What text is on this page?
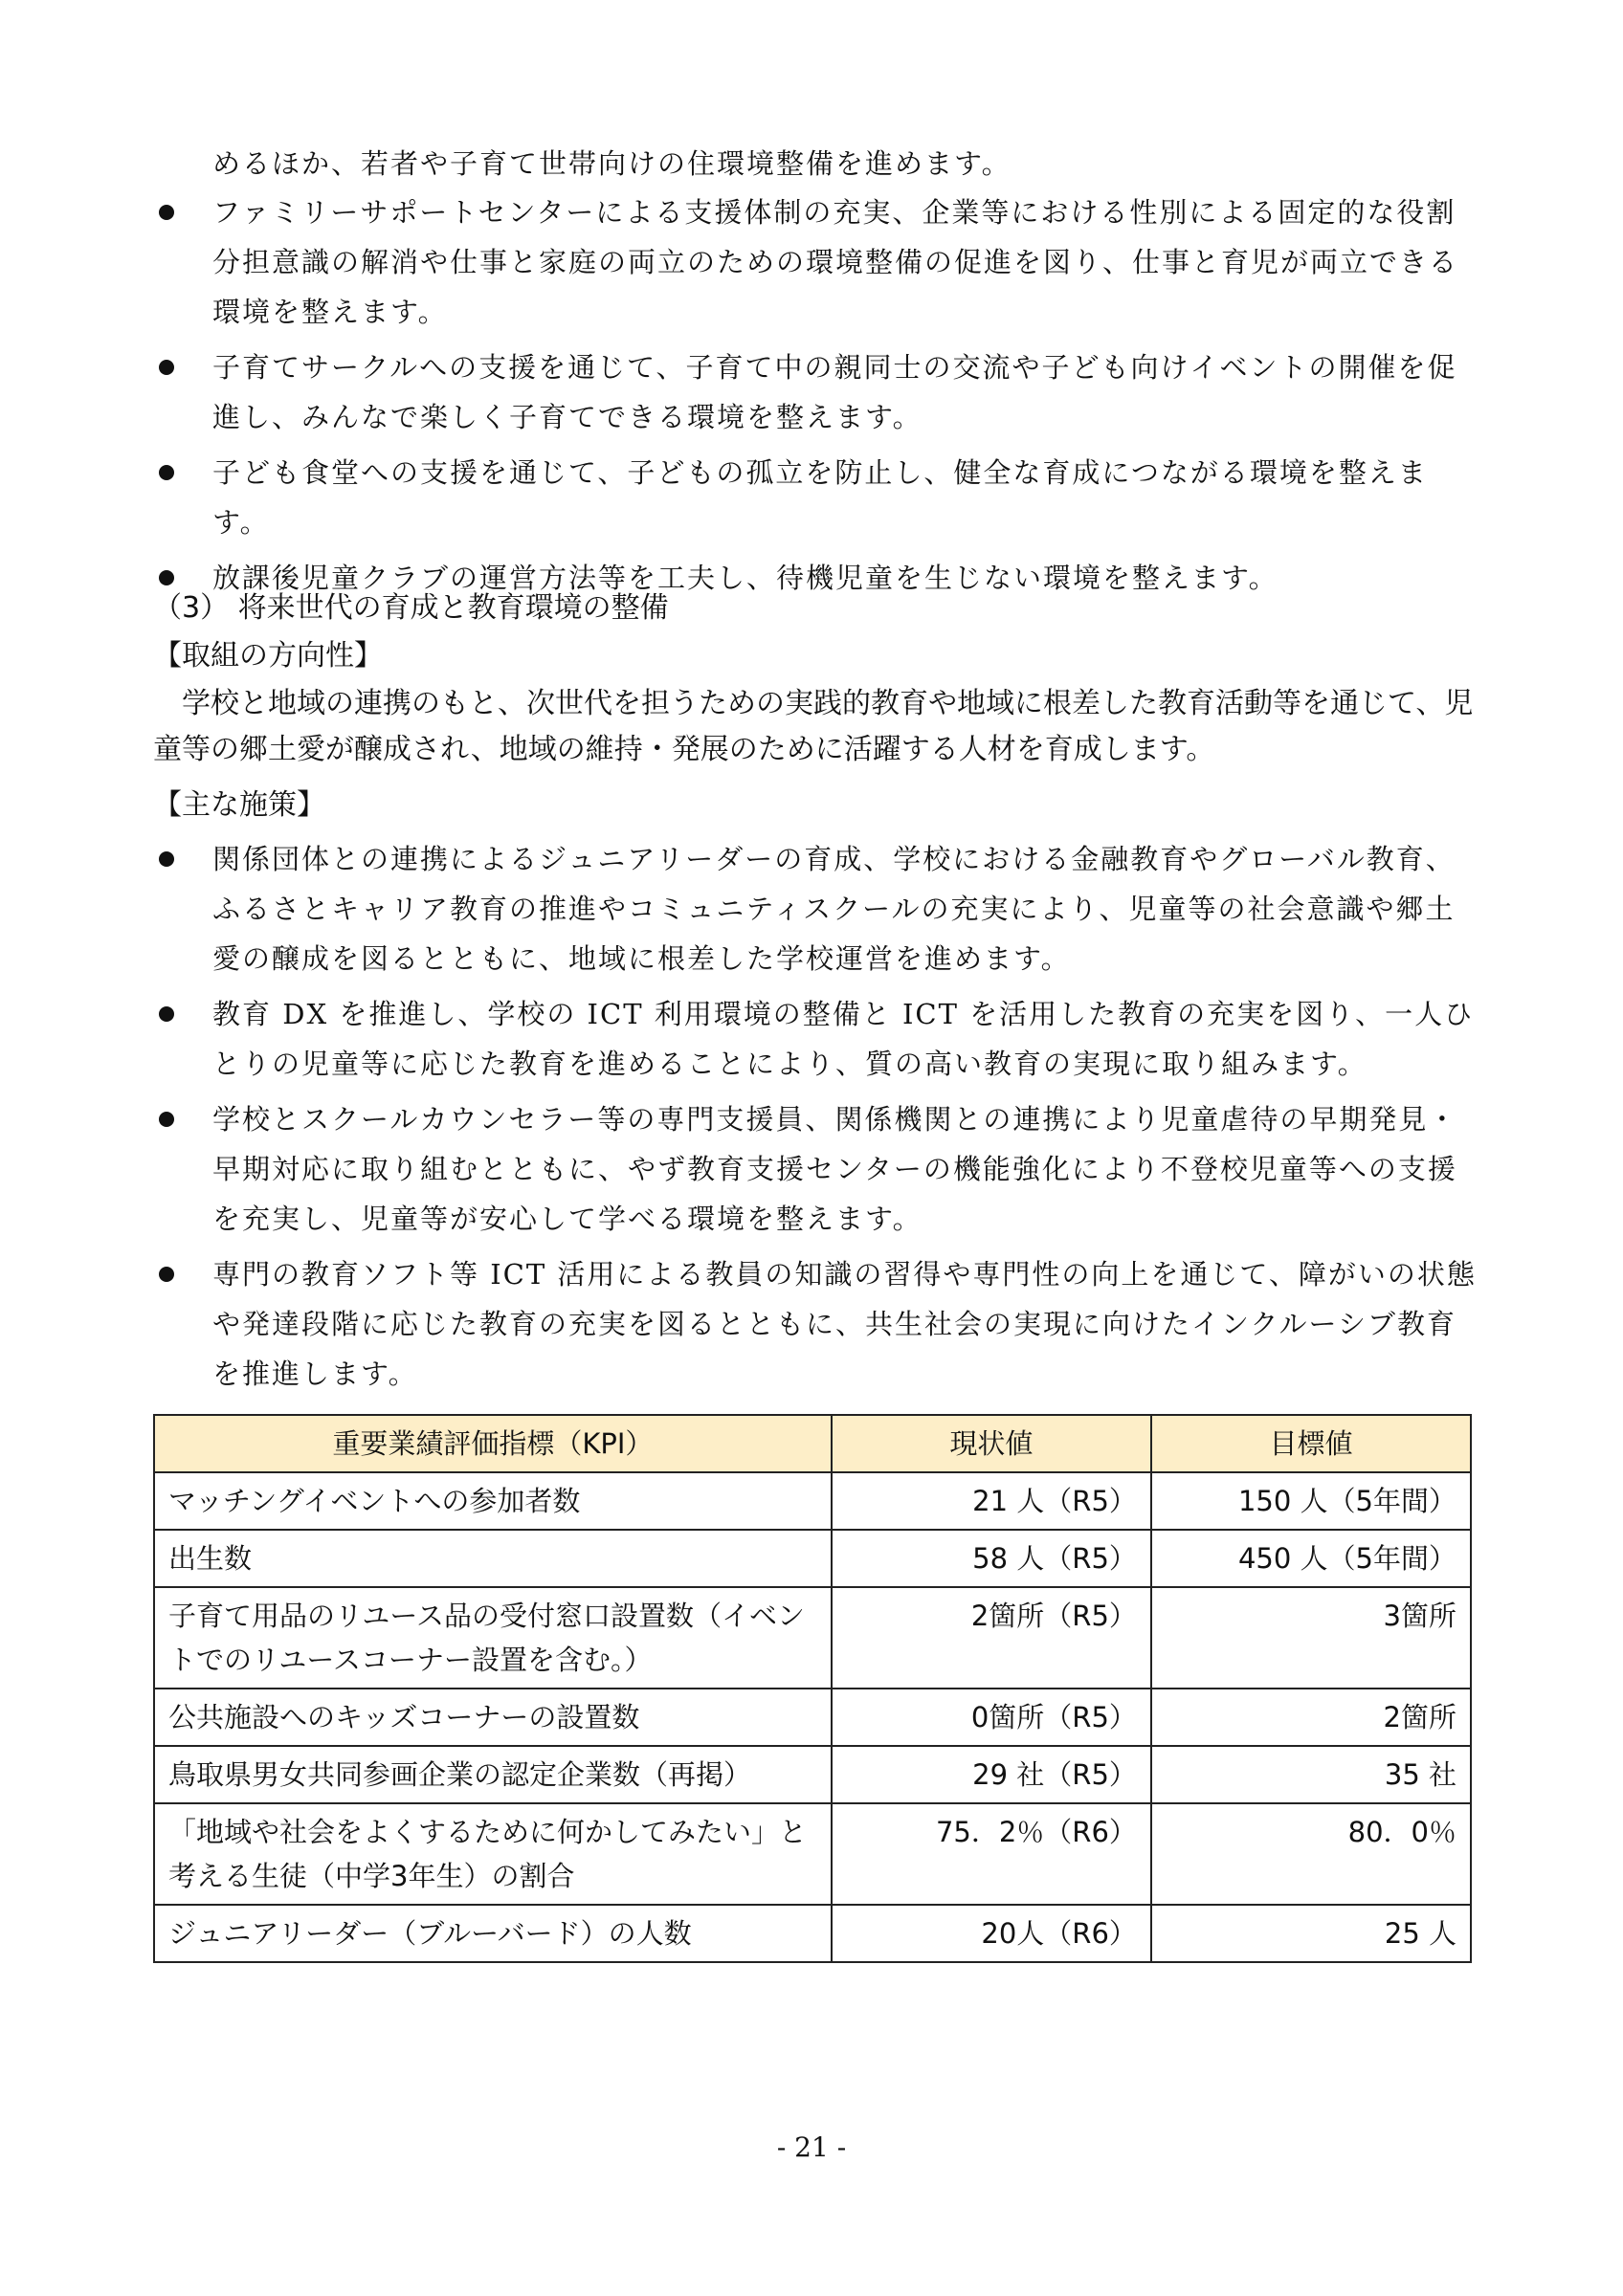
めるほか、若者や子育て世帯向けの住環境整備を進めます。
ファミリーサポートセンターによる支援体制の充実、企業等における性別による固定的な役割分担意識の解消や仕事と家庭の両立のための環境整備の促進を図り、仕事と育児が両立できる環境を整えます。
子育てサークルへの支援を通じて、子育て中の親同士の交流や子ども向けイベントの開催を促進し、みんなで楽しく子育てできる環境を整えます。
子ども食堂への支援を通じて、子どもの孤立を防止し、健全な育成につながる環境を整えます。
放課後児童クラブの運営方法等を工夫し、待機児童を生じない環境を整えます。
（3） 将来世代の育成と教育環境の整備
【取組の方向性】
学校と地域の連携のもと、次世代を担うための実践的教育や地域に根差した教育活動等を通じて、児童等の郷土愛が醸成され、地域の維持・発展のために活躍する人材を育成します。
【主な施策】
関係団体との連携によるジュニアリーダーの育成、学校における金融教育やグローバル教育、ふるさとキャリア教育の推進やコミュニティスクールの充実により、児童等の社会意識や郷土愛の醸成を図るとともに、地域に根差した学校運営を進めます。
教育 DX を推進し、学校の ICT 利用環境の整備と ICT を活用した教育の充実を図り、一人ひとりの児童等に応じた教育を進めることにより、質の高い教育の実現に取り組みます。
学校とスクールカウンセラー等の専門支援員、関係機関との連携により児童虐待の早期発見・早期対応に取り組むとともに、やず教育支援センターの機能強化により不登校児童等への支援を充実し、児童等が安心して学べる環境を整えます。
専門の教育ソフト等 ICT 活用による教員の知識の習得や専門性の向上を通じて、障がいの状態や発達段階に応じた教育の充実を図るとともに、共生社会の実現に向けたインクルーシブ教育を推進します。
重要業績評価指標（KPI）	現状値	目標値
マッチングイベントへの参加者数	21 人（R5）	150 人（5年間）
出生数	58 人（R5）	450 人（5年間）
子育て用品のリユース品の受付窓口設置数（イベントでのリユースコーナー設置を含む。）	2箇所（R5）	3箇所
公共施設へのキッズコーナーの設置数	0箇所（R5）	2箇所
鳥取県男女共同参画企業の認定企業数（再掲）	29 社（R5）	35 社
「地域や社会をよくするために何かしてみたい」と考える生徒（中学3年生）の割合	75．2％（R6）	80．0％
ジュニアリーダー（ブルーバード）の人数	20人（R6）	25 人
- 21 -
